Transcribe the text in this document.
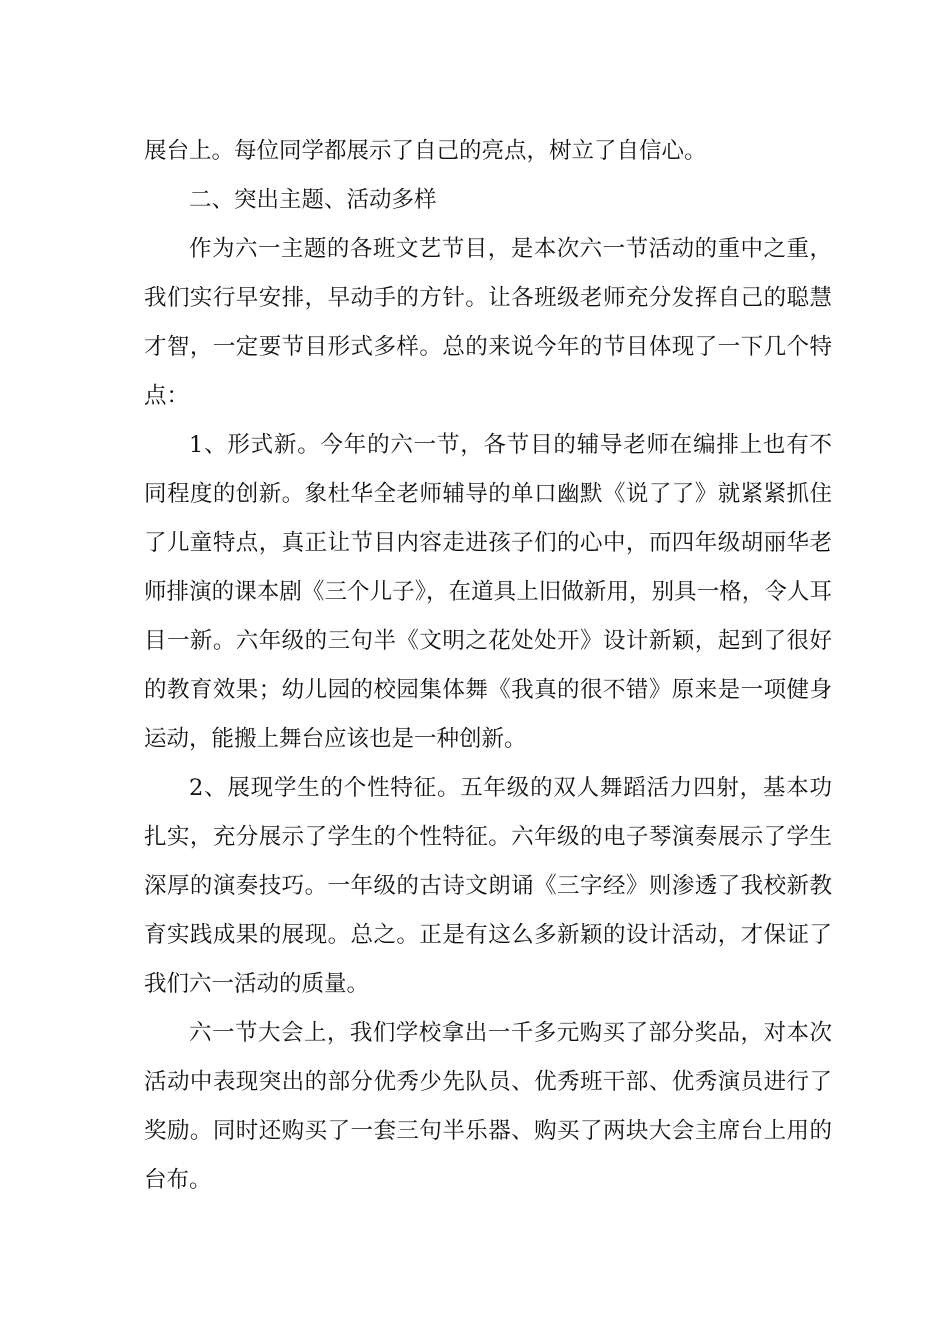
展台上。每位同学都展示了自己的亮点，树立了自信心。

二、突出主题、活动多样

作为六一主题的各班文艺节目，是本次六一节活动的重中之重，我们实行早安排，早动手的方针。让各班级老师充分发挥自己的聪慧才智，一定要节目形式多样。总的来说今年的节目体现了一下几个特点：

1、形式新。今年的六一节，各节目的辅导老师在编排上也有不同程度的创新。象杜华全老师辅导的单口幽默《说了了》就紧紧抓住了儿童特点，真正让节目内容走进孩子们的心中，而四年级胡丽华老师排演的课本剧《三个儿子》，在道具上旧做新用，别具一格，令人耳目一新。六年级的三句半《文明之花处处开》设计新颖，起到了很好的教育效果；幼儿园的校园集体舞《我真的很不错》原来是一项健身运动，能搬上舞台应该也是一种创新。

2、展现学生的个性特征。五年级的双人舞蹈活力四射，基本功扎实，充分展示了学生的个性特征。六年级的电子琴演奏展示了学生深厚的演奏技巧。一年级的古诗文朗诵《三字经》则渗透了我校新教育实践成果的展现。总之。正是有这么多新颖的设计活动，才保证了我们六一活动的质量。

六一节大会上，我们学校拿出一千多元购买了部分奖品，对本次活动中表现突出的部分优秀少先队员、优秀班干部、优秀演员进行了奖励。同时还购买了一套三句半乐器、购买了两块大会主席台上用的台布。
